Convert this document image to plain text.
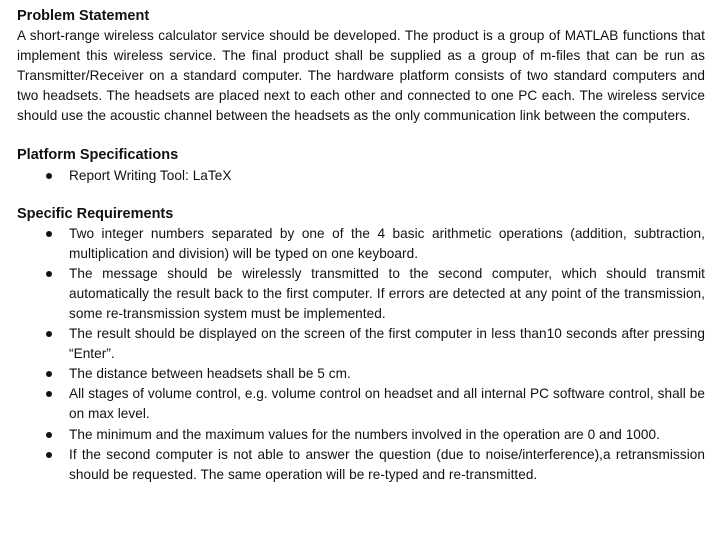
Problem Statement

A short-range wireless calculator service should be developed. The product is a group of MATLAB functions that implement this wireless service. The final product shall be supplied as a group of m-files that can be run as Transmitter/Receiver on a standard computer. The hardware platform consists of two standard computers and two headsets. The headsets are placed next to each other and connected to one PC each. The wireless service should use the acoustic channel between the headsets as the only communication link between the computers.

Platform Specifications
Report Writing Tool: LaTeX
Specific Requirements
Two integer numbers separated by one of the 4 basic arithmetic operations (addition, subtraction, multiplication and division) will be typed on one keyboard.
The message should be wirelessly transmitted to the second computer, which should transmit automatically the result back to the first computer. If errors are detected at any point of the transmission, some re-transmission system must be implemented.
The result should be displayed on the screen of the first computer in less than10 seconds after pressing “Enter”.
The distance between headsets shall be 5 cm.
All stages of volume control, e.g. volume control on headset and all internal PC software control, shall be on max level.
The minimum and the maximum values for the numbers involved in the operation are 0 and 1000.
If the second computer is not able to answer the question (due to noise/interference),a retransmission should be requested. The same operation will be re-typed and re-transmitted.
